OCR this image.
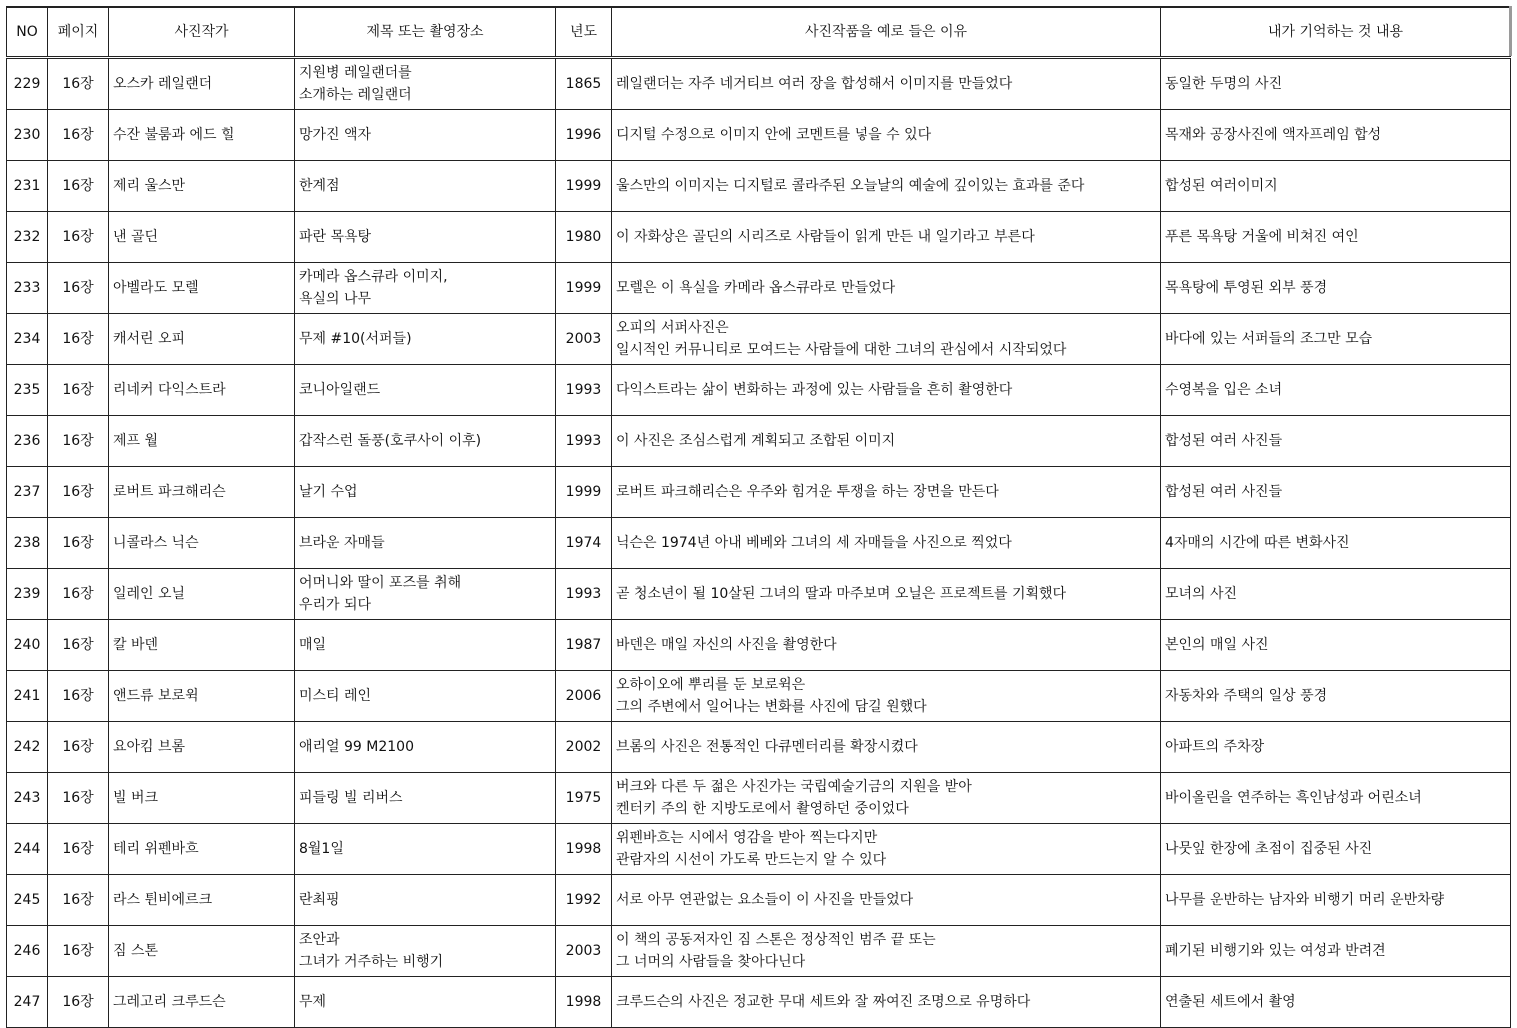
NO	페이지	사진작가	제목 또는 촬영장소	년도	사진작품을 예로 들은 이유	내가 기억하는 것 내용
229	16장	오스카 레일랜더	지원병 레일랜더를
소개하는 레일랜더	1865	레일랜더는 자주 네거티브 여러 장을 합성해서 이미지를 만들었다	동일한 두명의 사진
230	16장	수잔 불룸과 에드 힐	망가진 액자	1996	디지털 수정으로 이미지 안에 코멘트를 넣을 수 있다	목재와 공장사진에 액자프레임 합성
231	16장	제리 울스만	한계점	1999	울스만의 이미지는 디지털로 콜라주된 오늘날의 예술에 깊이있는 효과를 준다	합성된 여러이미지
232	16장	낸 골딘	파란 목욕탕	1980	이 자화상은 골딘의 시리즈로 사람들이 읽게 만든 내 일기라고 부른다	푸른 목욕탕 거울에 비쳐진 여인
233	16장	아벨라도 모렐	카메라 옵스큐라 이미지,
욕실의 나무	1999	모렐은 이 욕실을 카메라 옵스큐라로 만들었다	목욕탕에 투영된 외부 풍경
234	16장	캐서린 오피	무제 #10(서퍼들)	2003	오피의 서퍼사진은
일시적인 커뮤니티로 모여드는 사람들에 대한 그녀의 관심에서 시작되었다	바다에 있는 서퍼들의 조그만 모습
235	16장	리네커 다익스트라	코니아일랜드	1993	다익스트라는 삶이 변화하는 과정에 있는 사람들을 흔히 촬영한다	수영복을 입은 소녀
236	16장	제프 월	갑작스런 돌풍(호쿠사이 이후)	1993	이 사진은 조심스럽게 계획되고 조합된 이미지	합성된 여러 사진들
237	16장	로버트 파크해리슨	날기 수업	1999	로버트 파크해리슨은 우주와 힘겨운 투쟁을 하는 장면을 만든다	합성된 여러 사진들
238	16장	니콜라스 닉슨	브라운 자매들	1974	닉슨은 1974년 아내 베베와 그녀의 세 자매들을 사진으로 찍었다	4자매의 시간에 따른 변화사진
239	16장	일레인 오닐	어머니와 딸이 포즈를 취해
우리가 되다	1993	곧 청소년이 될 10살된 그녀의 딸과 마주보며 오닐은 프로젝트를 기획했다	모녀의 사진
240	16장	칼 바덴	매일	1987	바덴은 매일 자신의 사진을 촬영한다	본인의 매일 사진
241	16장	앤드류 보로윅	미스티 레인	2006	오하이오에 뿌리를 둔 보로윅은
그의 주변에서 일어나는 변화를 사진에 담길 원했다	자동차와 주택의 일상 풍경
242	16장	요아킴 브롬	애리얼 99 M2100	2002	브롬의 사진은 전통적인 다큐멘터리를 확장시켰다	아파트의 주차장
243	16장	빌 버크	피들링 빌 리버스	1975	버크와 다른 두 젊은 사진가는 국립예술기금의 지원을 받아
켄터키 주의 한 지방도로에서 촬영하던 중이었다	바이올린을 연주하는 흑인남성과 어린소녀
244	16장	테리 위펜바흐	8월1일	1998	위펜바흐는 시에서 영감을 받아 찍는다지만
관람자의 시선이 가도록 만드는지 알 수 있다	나뭇잎 한장에 초점이 집중된 사진
245	16장	라스 튄비에르크	란최핑	1992	서로 아무 연관없는 요소들이 이 사진을 만들었다	나무를 운반하는 남자와 비행기 머리 운반차량
246	16장	짐 스톤	조안과
그녀가 거주하는 비행기	2003	이 책의 공동저자인 짐 스톤은 정상적인 범주 끝 또는
그 너머의 사람들을 찾아다닌다	폐기된 비행기와 있는 여성과 반려견
247	16장	그레고리 크루드슨	무제	1998	크루드슨의 사진은 정교한 무대 세트와 잘 짜여진 조명으로 유명하다	연출된 세트에서 촬영
